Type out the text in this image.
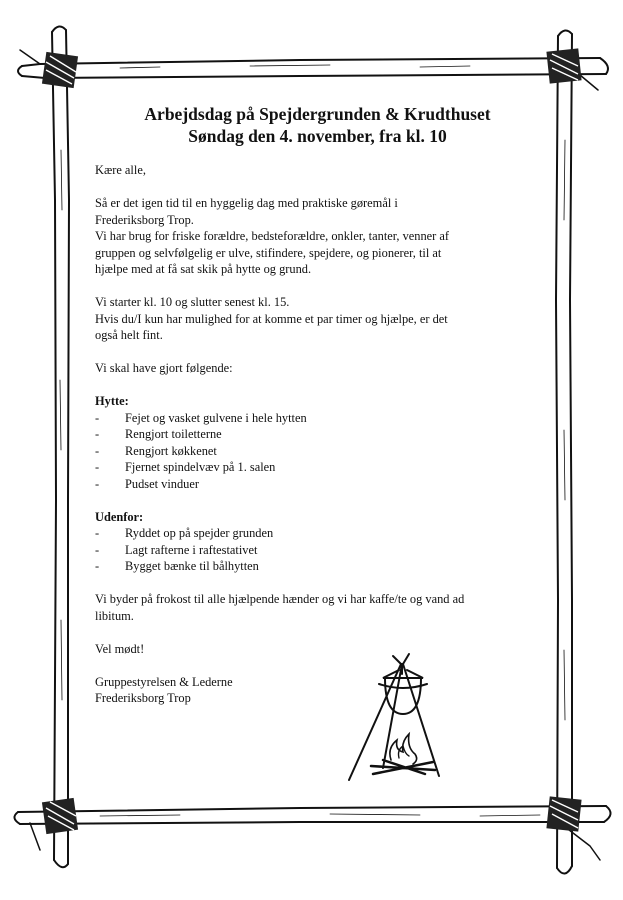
Arbejdsdag på Spejdergrunden & Krudthuset
Søndag den 4. november, fra kl. 10

Kære alle,

Så er det igen tid til en hyggelig dag med praktiske gøremål i

Frederiksborg Trop.

Vi har brug for friske forældre, bedsteforældre, onkler, tanter, venner af

gruppen og selvfølgelig er ulve, stifindere, spejdere, og pionerer, til at

hjælpe med at få sat skik på hytte og grund.

Vi starter kl. 10 og slutter senest kl. 15.

Hvis du/I kun har mulighed for at komme et par timer og hjælpe, er det

også helt fint.

Vi skal have gjort følgende:

Hytte:

-	Fejet og vasket gulvene i hele hytten
-	Rengjort toiletterne
-	Rengjort køkkenet
-	Fjernet spindelvæv på 1. salen
-	Pudset vinduer

Udenfor:

-	Ryddet op på spejder grunden
-	Lagt rafterne i raftestativet
-	Bygget bænke til bålhytten

Vi byder på frokost til alle hjælpende hænder og vi har kaffe/te og vand ad

libitum.

Vel mødt!

Gruppestyrelsen & Lederne

Frederiksborg Trop
